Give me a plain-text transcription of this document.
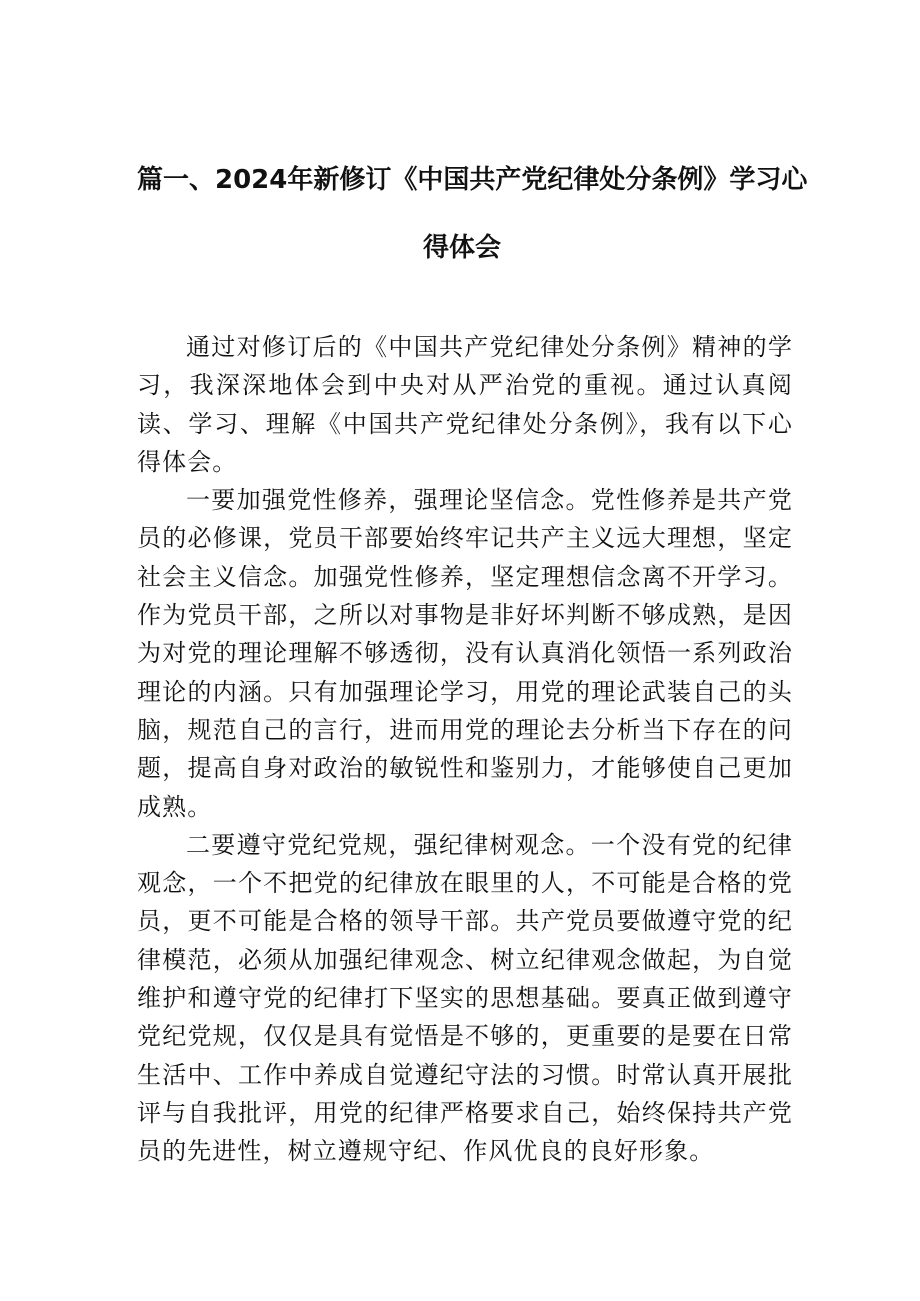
篇一、2024年新修订《中国共产党纪律处分条例》学习心
得体会

通过对修订后的《中国共产党纪律处分条例》精神的学习，我深深地体会到中央对从严治党的重视。通过认真阅读、学习、理解《中国共产党纪律处分条例》，我有以下心得体会。

一要加强党性修养，强理论坚信念。党性修养是共产党员的必修课，党员干部要始终牢记共产主义远大理想，坚定社会主义信念。加强党性修养，坚定理想信念离不开学习。作为党员干部，之所以对事物是非好坏判断不够成熟，是因为对党的理论理解不够透彻，没有认真消化领悟一系列政治理论的内涵。只有加强理论学习，用党的理论武装自己的头脑，规范自己的言行，进而用党的理论去分析当下存在的问题，提高自身对政治的敏锐性和鉴别力，才能够使自己更加成熟。

二要遵守党纪党规，强纪律树观念。一个没有党的纪律观念，一个不把党的纪律放在眼里的人，不可能是合格的党员，更不可能是合格的领导干部。共产党员要做遵守党的纪律模范，必须从加强纪律观念、树立纪律观念做起，为自觉维护和遵守党的纪律打下坚实的思想基础。要真正做到遵守党纪党规，仅仅是具有觉悟是不够的，更重要的是要在日常生活中、工作中养成自觉遵纪守法的习惯。时常认真开展批评与自我批评，用党的纪律严格要求自己，始终保持共产党员的先进性，树立遵规守纪、作风优良的良好形象。
